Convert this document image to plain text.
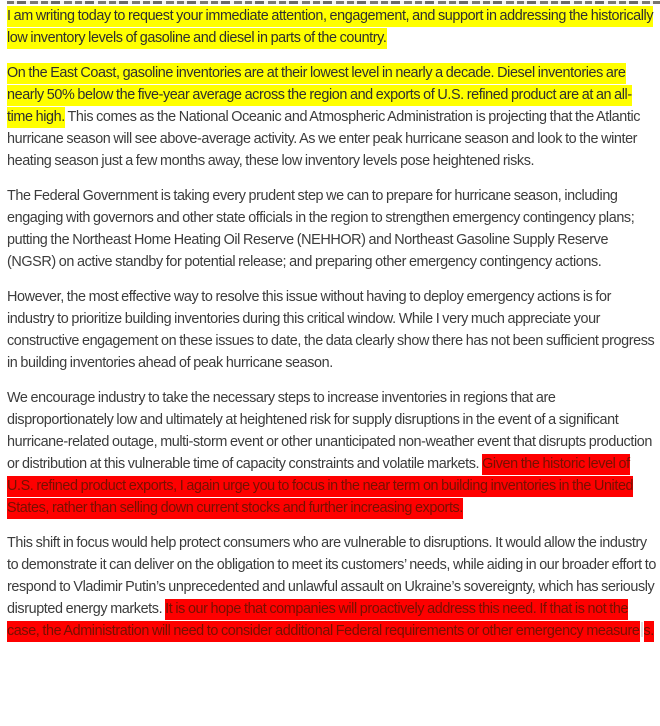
I am writing today to request your immediate attention, engagement, and support in addressing the historically low inventory levels of gasoline and diesel in parts of the country.

On the East Coast, gasoline inventories are at their lowest level in nearly a decade. Diesel inventories are nearly 50% below the five-year average across the region and exports of U.S. refined product are at an all-time high. This comes as the National Oceanic and Atmospheric Administration is projecting that the Atlantic hurricane season will see above-average activity. As we enter peak hurricane season and look to the winter heating season just a few months away, these low inventory levels pose heightened risks.

The Federal Government is taking every prudent step we can to prepare for hurricane season, including engaging with governors and other state officials in the region to strengthen emergency contingency plans; putting the Northeast Home Heating Oil Reserve (NEHHOR) and Northeast Gasoline Supply Reserve (NGSR) on active standby for potential release; and preparing other emergency contingency actions.

However, the most effective way to resolve this issue without having to deploy emergency actions is for industry to prioritize building inventories during this critical window. While I very much appreciate your constructive engagement on these issues to date, the data clearly show there has not been sufficient progress in building inventories ahead of peak hurricane season.

We encourage industry to take the necessary steps to increase inventories in regions that are disproportionately low and ultimately at heightened risk for supply disruptions in the event of a significant hurricane-related outage, multi-storm event or other unanticipated non-weather event that disrupts production or distribution at this vulnerable time of capacity constraints and volatile markets. Given the historic level of U.S. refined product exports, I again urge you to focus in the near term on building inventories in the United States, rather than selling down current stocks and further increasing exports.

This shift in focus would help protect consumers who are vulnerable to disruptions. It would allow the industry to demonstrate it can deliver on the obligation to meet its customers’ needs, while aiding in our broader effort to respond to Vladimir Putin’s unprecedented and unlawful assault on Ukraine’s sovereignty, which has seriously disrupted energy markets. It is our hope that companies will proactively address this need. If that is not the case, the Administration will need to consider additional Federal requirements or other emergency measure s.
